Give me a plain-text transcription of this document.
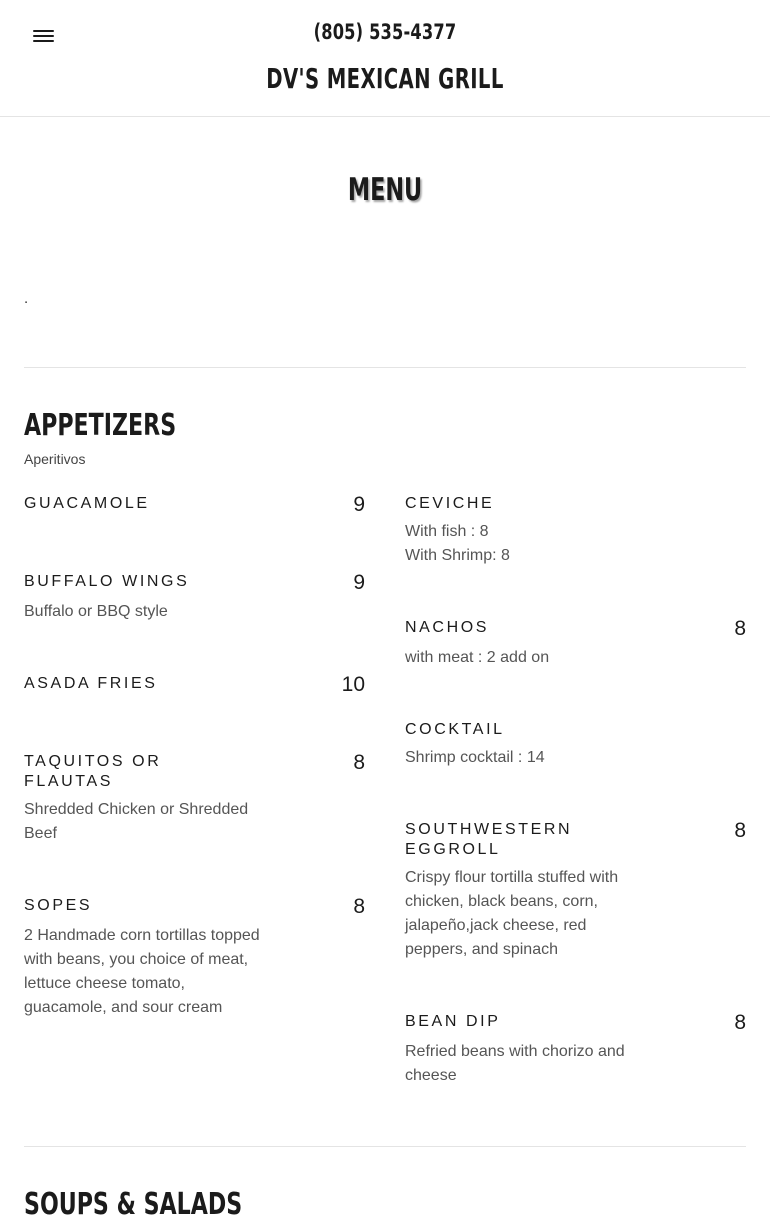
(805) 535-4377
DV'S MEXICAN GRILL
MENU
.
APPETIZERS
Aperitivos
GUACAMOLE	9
BUFFALO WINGS	9
Buffalo or BBQ style
ASADA FRIES	10
TAQUITOS OR FLAUTAS
8
Shredded Chicken or Shredded Beef
SOPES	8
2 Handmade corn tortillas topped with beans, you choice of meat, lettuce cheese tomato, guacamole, and sour cream
CEVICHE
With fish : 8
With Shrimp: 8
NACHOS	8
with meat : 2 add on
COCKTAIL
Shrimp cocktail : 14
SOUTHWESTERN EGGROLL
8
Crispy flour tortilla stuffed with chicken, black beans, corn, jalapeño,jack cheese, red peppers, and spinach
BEAN DIP	8
Refried beans with chorizo and cheese
SOUPS & SALADS
